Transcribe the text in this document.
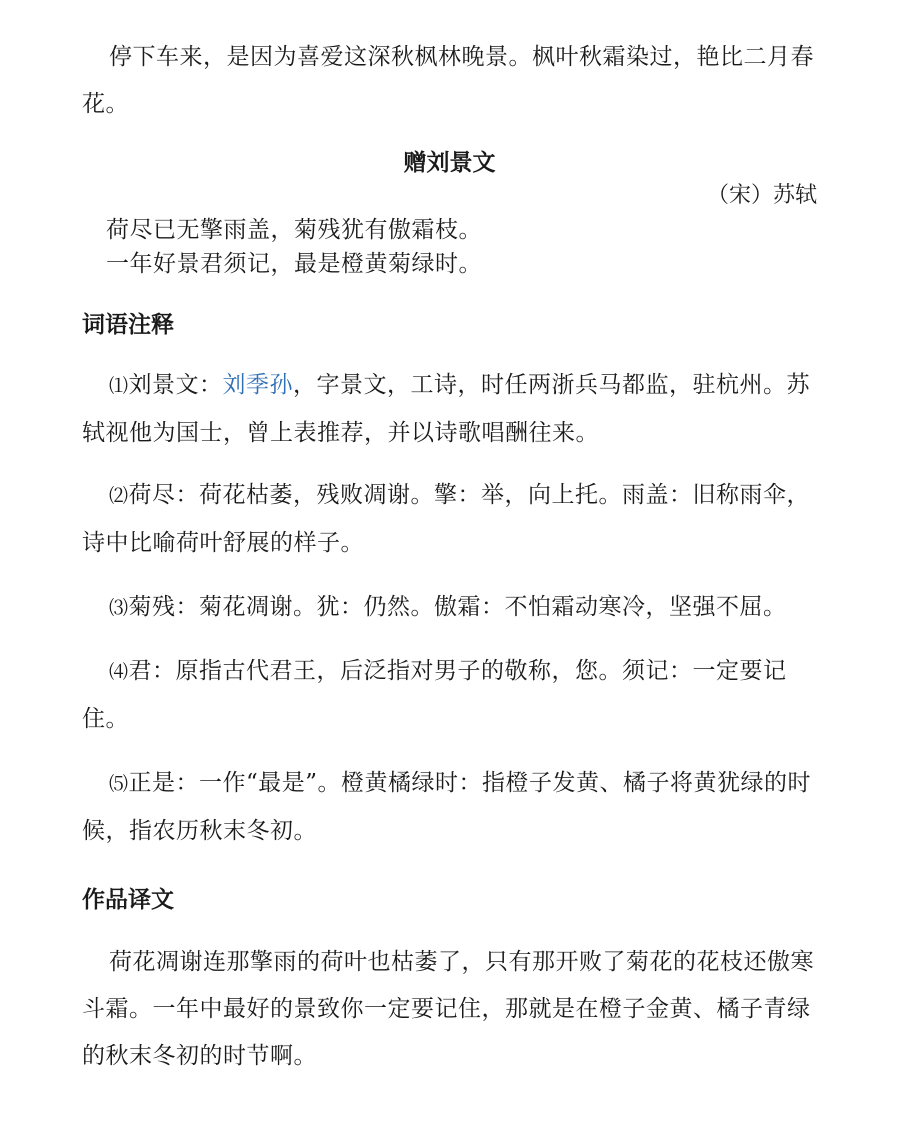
停下车来，是因为喜爱这深秋枫林晚景。枫叶秋霜染过，艳比二月春花。

赠刘景文

（宋）苏轼

荷尽已无擎雨盖，菊残犹有傲霜枝。

一年好景君须记，最是橙黄菊绿时。

词语注释

⑴刘景文：刘季孙，字景文，工诗，时任两浙兵马都监，驻杭州。苏轼视他为国士，曾上表推荐，并以诗歌唱酬往来。

⑵荷尽：荷花枯萎，残败凋谢。擎：举，向上托。雨盖：旧称雨伞，诗中比喻荷叶舒展的样子。

⑶菊残：菊花凋谢。犹：仍然。傲霜：不怕霜动寒冷，坚强不屈。

⑷君：原指古代君王，后泛指对男子的敬称，您。须记：一定要记住。

⑸正是：一作“最是”。橙黄橘绿时：指橙子发黄、橘子将黄犹绿的时候，指农历秋末冬初。

作品译文

荷花凋谢连那擎雨的荷叶也枯萎了，只有那开败了菊花的花枝还傲寒斗霜。一年中最好的景致你一定要记住，那就是在橙子金黄、橘子青绿的秋末冬初的时节啊。
